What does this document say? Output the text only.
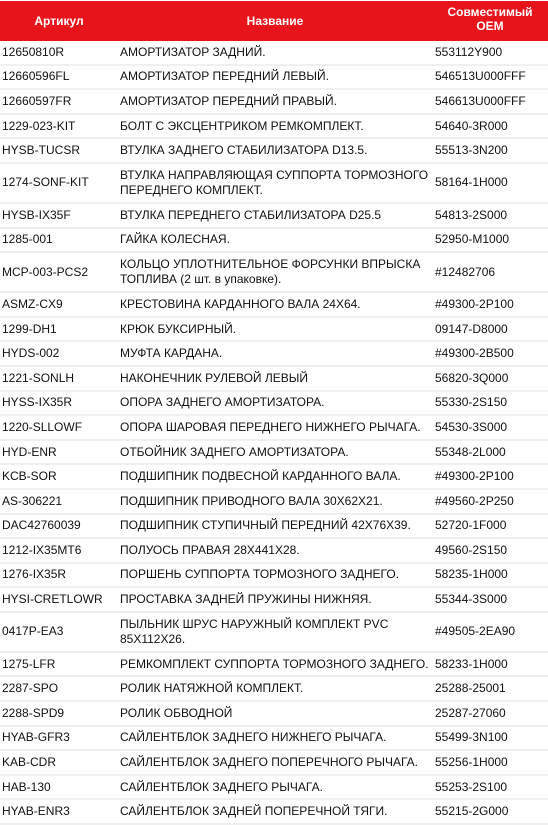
Артикул	Название	Совместимый OEM
12650810R	АМОРТИЗАТОР ЗАДНИЙ.	553112Y900
12660596FL	АМОРТИЗАТОР ПЕРЕДНИЙ ЛЕВЫЙ.	546513U000FFF
12660597FR	АМОРТИЗАТОР ПЕРЕДНИЙ ПРАВЫЙ.	546613U000FFF
1229-023-KIT	БОЛТ С ЭКСЦЕНТРИКОМ РЕМКОМПЛЕКТ.	54640-3R000
HYSB-TUCSR	ВТУЛКА ЗАДНЕГО СТАБИЛИЗАТОРА D13.5.	55513-3N200
1274-SONF-KIT	ВТУЛКА НАПРАВЛЯЮЩАЯ СУППОРТА ТОРМОЗНОГО ПЕРЕДНЕГО КОМПЛЕКТ.	58164-1H000
HYSB-IX35F	ВТУЛКА ПЕРЕДНЕГО СТАБИЛИЗАТОРА D25.5	54813-2S000
1285-001	ГАЙКА КОЛЕСНАЯ.	52950-M1000
MCP-003-PCS2	КОЛЬЦО УПЛОТНИТЕЛЬНОЕ ФОРСУНКИ ВПРЫСКА ТОПЛИВА (2 шт. в упаковке).	#12482706
ASMZ-CX9	КРЕСТОВИНА КАРДАННОГО ВАЛА 24X64.	#49300-2P100
1299-DH1	КРЮК БУКСИРНЫЙ.	09147-D8000
HYDS-002	МУФТА КАРДАНА.	#49300-2B500
1221-SONLH	НАКОНЕЧНИК РУЛЕВОЙ ЛЕВЫЙ	56820-3Q000
HYSS-IX35R	ОПОРА ЗАДНЕГО АМОРТИЗАТОРА.	55330-2S150
1220-SLLOWF	ОПОРА ШАРОВАЯ ПЕРЕДНЕГО НИЖНЕГО РЫЧАГА.	54530-3S000
HYD-ENR	ОТБОЙНИК ЗАДНЕГО АМОРТИЗАТОРА.	55348-2L000
KCB-SOR	ПОДШИПНИК ПОДВЕСНОЙ КАРДАННОГО ВАЛА.	#49300-2P100
AS-306221	ПОДШИПНИК ПРИВОДНОГО ВАЛА 30X62X21.	#49560-2P250
DAC42760039	ПОДШИПНИК СТУПИЧНЫЙ ПЕРЕДНИЙ 42X76X39.	52720-1F000
1212-IX35MT6	ПОЛУОСЬ ПРАВАЯ 28X441X28.	49560-2S150
1276-IX35R	ПОРШЕНЬ СУППОРТА ТОРМОЗНОГО ЗАДНЕГО.	58235-1H000
HYSI-CRETLOWR	ПРОСТАВКА ЗАДНЕЙ ПРУЖИНЫ НИЖНЯЯ.	55344-3S000
0417P-EA3	ПЫЛЬНИК ШРУС НАРУЖНЫЙ КОМПЛЕКТ PVC 85X112X26.	#49505-2EA90
1275-LFR	РЕМКОМПЛЕКТ СУППОРТА ТОРМОЗНОГО ЗАДНЕГО.	58233-1H000
2287-SPO	РОЛИК НАТЯЖНОЙ КОМПЛЕКТ.	25288-25001
2288-SPD9	РОЛИК ОБВОДНОЙ	25287-27060
HYAB-GFR3	САЙЛЕНТБЛОК ЗАДНЕГО НИЖНЕГО РЫЧАГА.	55499-3N100
KAB-CDR	САЙЛЕНТБЛОК ЗАДНЕГО ПОПЕРЕЧНОГО РЫЧАГА.	55256-1H000
HAB-130	САЙЛЕНТБЛОК ЗАДНЕГО РЫЧАГА.	55253-2S100
HYAB-ENR3	САЙЛЕНТБЛОК ЗАДНЕЙ ПОПЕРЕЧНОЙ ТЯГИ.	55215-2G000
